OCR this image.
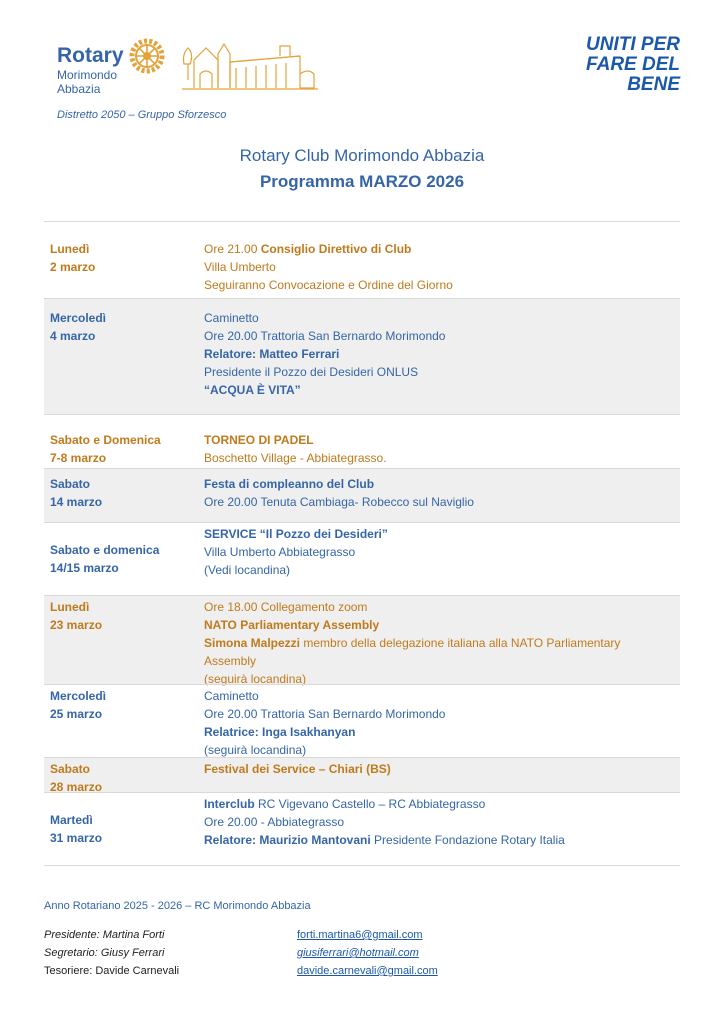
Rotary
Morimondo
Abbazia
UNITI PER
FARE DEL
BENE
Distretto 2050 – Gruppo Sforzesco
Rotary Club Morimondo Abbazia
Programma MARZO 2026
Lunedì
2 marzo
Ore 21.00 Consiglio Direttivo di Club
Villa Umberto
Seguiranno Convocazione e Ordine del Giorno
Mercoledì
4 marzo
Caminetto
Ore 20.00 Trattoria San Bernardo Morimondo
Relatore: Matteo Ferrari
Presidente il Pozzo dei Desideri ONLUS
“ACQUA È VITA”
Sabato e Domenica
7-8 marzo
TORNEO DI PADEL
Boschetto Village - Abbiategrasso.
Sabato
14 marzo
Festa di compleanno del Club
Ore 20.00 Tenuta Cambiaga- Robecco sul Naviglio
Sabato e domenica
14/15 marzo
SERVICE “Il Pozzo dei Desideri”
Villa Umberto Abbiategrasso
(Vedi locandina)
Lunedì
23 marzo
Ore 18.00 Collegamento zoom
NATO Parliamentary Assembly
Simona Malpezzi membro della delegazione italiana alla NATO Parliamentary Assembly
(seguirà locandina)
Mercoledì
25 marzo
Caminetto
Ore 20.00 Trattoria San Bernardo Morimondo
Relatrice: Inga Isakhanyan
(seguirà locandina)
Sabato
28 marzo
Festival dei Service – Chiari (BS)
Martedì
31 marzo
Interclub RC Vigevano Castello – RC Abbiategrasso
Ore 20.00 - Abbiategrasso
Relatore: Maurizio Mantovani Presidente Fondazione Rotary Italia
Anno Rotariano 2025 - 2026 – RC Morimondo Abbazia
Presidente: Martina Forti
Segretario: Giusy Ferrari
Tesoriere: Davide Carnevali
forti.martina6@gmail.com
giusiferrari@hotmail.com
davide.carnevali@gmail.com
